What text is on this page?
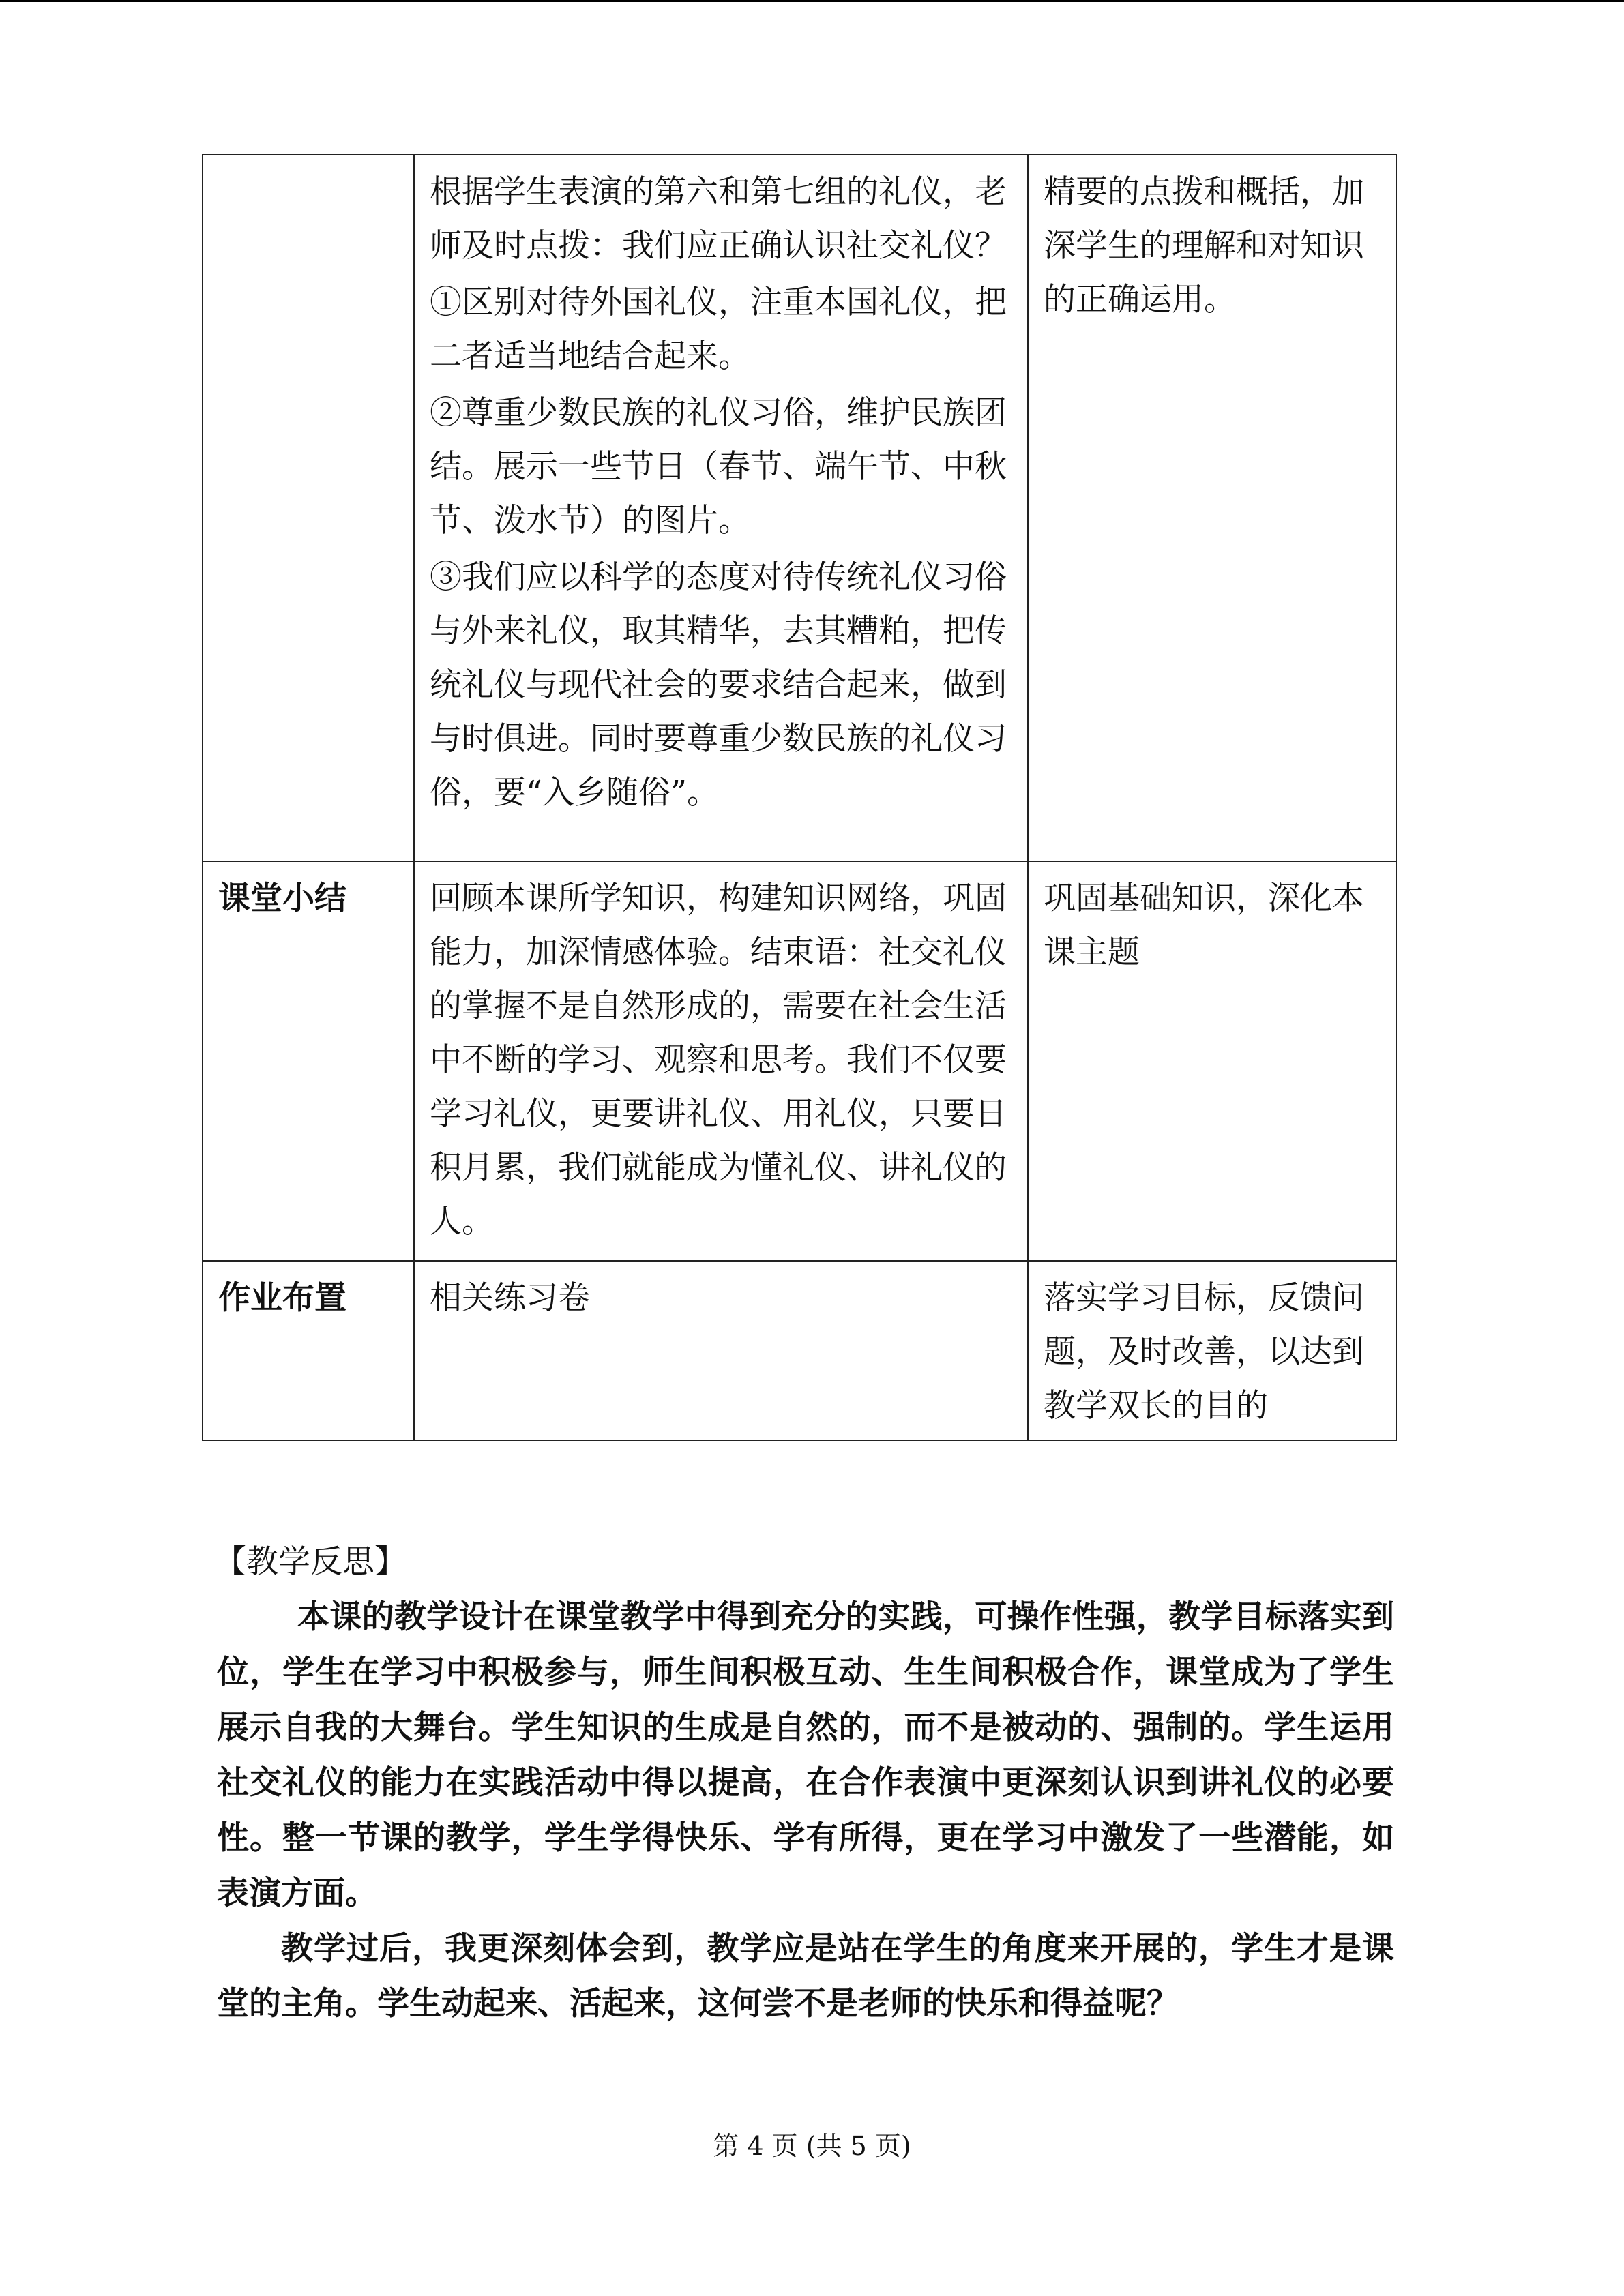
	根据学生表演的第六和第七组的礼仪，老师及时点拨：我们应正确认识社交礼仪？

①区别对待外国礼仪，注重本国礼仪，把二者适当地结合起来。

②尊重少数民族的礼仪习俗，维护民族团结。展示一些节日（春节、端午节、中秋节、泼水节）的图片。

③我们应以科学的态度对待传统礼仪习俗与外来礼仪，取其精华，去其糟粕，把传统礼仪与现代社会的要求结合起来，做到与时俱进。同时要尊重少数民族的礼仪习俗，要“入乡随俗”。	精要的点拨和概括，加深学生的理解和对知识的正确运用。
课堂小结	回顾本课所学知识，构建知识网络，巩固能力，加深情感体验。结束语：社交礼仪的掌握不是自然形成的，需要在社会生活中不断的学习、观察和思考。我们不仅要学习礼仪，更要讲礼仪、用礼仪，只要日积月累，我们就能成为懂礼仪、讲礼仪的人。	巩固基础知识，深化本课主题
作业布置	相关练习卷	落实学习目标，反馈问题，及时改善，以达到教学双长的目的
【教学反思】

本课的教学设计在课堂教学中得到充分的实践，可操作性强，教学目标落实到位，学生在学习中积极参与，师生间积极互动、生生间积极合作，课堂成为了学生展示自我的大舞台。学生知识的生成是自然的，而不是被动的、强制的。学生运用社交礼仪的能力在实践活动中得以提高，在合作表演中更深刻认识到讲礼仪的必要性。整一节课的教学，学生学得快乐、学有所得，更在学习中激发了一些潜能，如表演方面。

教学过后，我更深刻体会到，教学应是站在学生的角度来开展的，学生才是课堂的主角。学生动起来、活起来，这何尝不是老师的快乐和得益呢？

第 4 页 (共 5 页)
